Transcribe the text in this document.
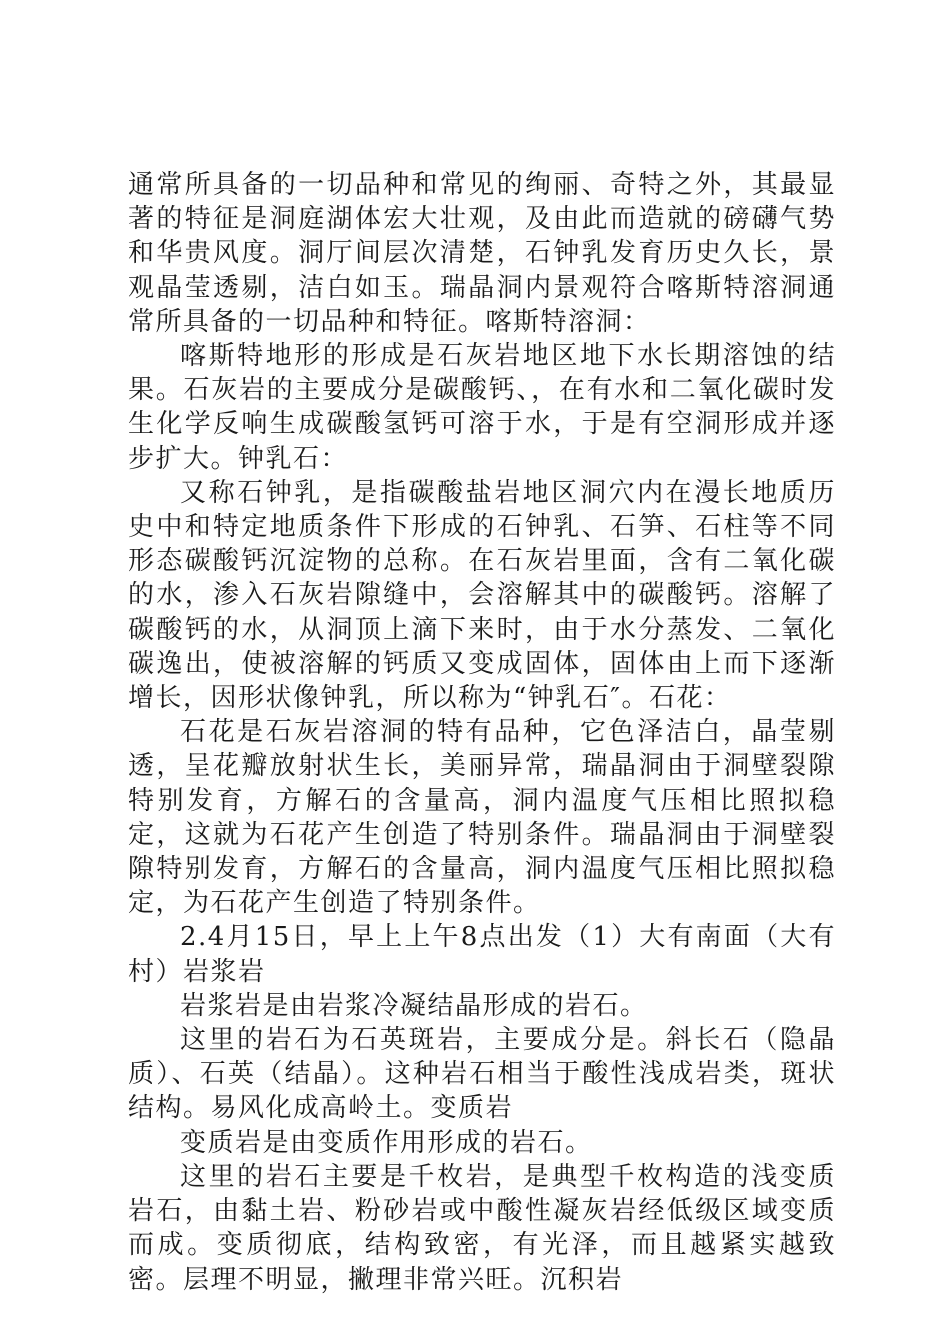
通常所具备的一切品种和常见的绚丽、奇特之外，其最显著的特征是洞庭湖体宏大壮观，及由此而造就的磅礴气势和华贵风度。洞厅间层次清楚，石钟乳发育历史久长，景观晶莹透剔，洁白如玉。瑞晶洞内景观符合喀斯特溶洞通常所具备的一切品种和特征。喀斯特溶洞：

喀斯特地形的形成是石灰岩地区地下水长期溶蚀的结果。石灰岩的主要成分是碳酸钙、，在有水和二氧化碳时发生化学反响生成碳酸氢钙可溶于水，于是有空洞形成并逐步扩大。钟乳石：

又称石钟乳，是指碳酸盐岩地区洞穴内在漫长地质历史中和特定地质条件下形成的石钟乳、石笋、石柱等不同形态碳酸钙沉淀物的总称。在石灰岩里面，含有二氧化碳的水，渗入石灰岩隙缝中，会溶解其中的碳酸钙。溶解了碳酸钙的水，从洞顶上滴下来时，由于水分蒸发、二氧化碳逸出，使被溶解的钙质又变成固体，固体由上而下逐渐增长，因形状像钟乳，所以称为“钟乳石″。石花：

石花是石灰岩溶洞的特有品种，它色泽洁白，晶莹剔透，呈花瓣放射状生长，美丽异常，瑞晶洞由于洞壁裂隙特别发育，方解石的含量高，洞内温度气压相比照拟稳定，这就为石花产生创造了特别条件。瑞晶洞由于洞壁裂隙特别发育，方解石的含量高，洞内温度气压相比照拟稳定，为石花产生创造了特别条件。

2.4月15日，早上上午8点出发（1）大有南面（大有村）岩浆岩

岩浆岩是由岩浆冷凝结晶形成的岩石。

这里的岩石为石英斑岩，主要成分是。斜长石（隐晶质）、石英（结晶）。这种岩石相当于酸性浅成岩类，斑状结构。易风化成高岭土。变质岩

变质岩是由变质作用形成的岩石。

这里的岩石主要是千枚岩，是典型千枚构造的浅变质岩石，由黏土岩、粉砂岩或中酸性凝灰岩经低级区域变质而成。变质彻底，结构致密，有光泽，而且越紧实越致密。层理不明显，撇理非常兴旺。沉积岩
